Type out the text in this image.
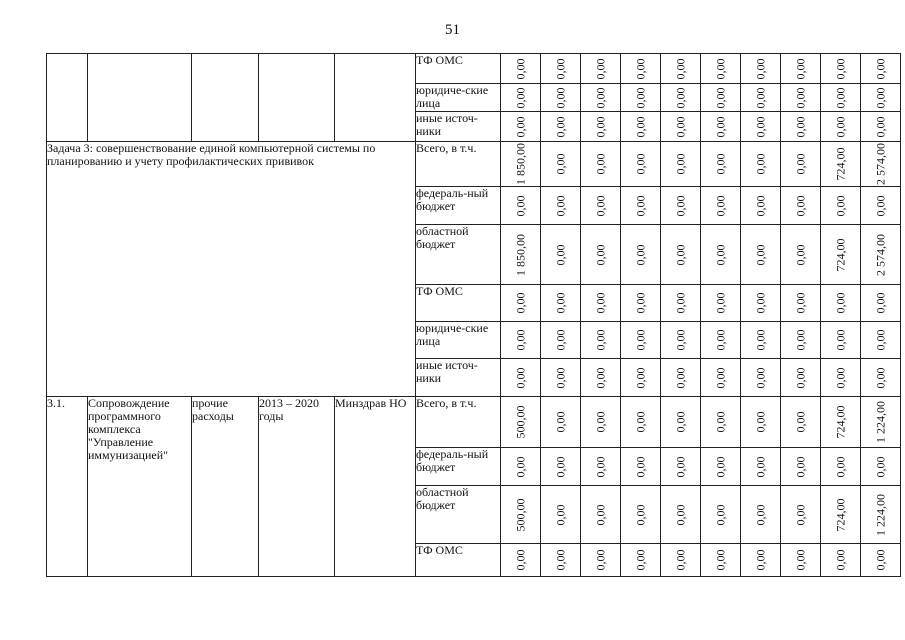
51
					ТФ ОМС	0,00	0,00	0,00	0,00	0,00	0,00	0,00	0,00	0,00	0,00

					юридиче-ские лица	0,00	0,00	0,00	0,00	0,00	0,00	0,00	0,00	0,00	0,00

					иные источ-ники	0,00	0,00	0,00	0,00	0,00	0,00	0,00	0,00	0,00	0,00

Задача 3: совершенствование единой компьютерной системы по планированию и учету профилактических прививок					Всего, в т.ч.	1 850,00	0,00	0,00	0,00	0,00	0,00	0,00	0,00	724,00	2 574,00

					федераль-ный бюджет	0,00	0,00	0,00	0,00	0,00	0,00	0,00	0,00	0,00	0,00

					областной бюджет	1 850,00	0,00	0,00	0,00	0,00	0,00	0,00	0,00	724,00	2 574,00

					ТФ ОМС	0,00	0,00	0,00	0,00	0,00	0,00	0,00	0,00	0,00	0,00

					юридиче-ские лица	0,00	0,00	0,00	0,00	0,00	0,00	0,00	0,00	0,00	0,00

					иные источ-ники	0,00	0,00	0,00	0,00	0,00	0,00	0,00	0,00	0,00	0,00

3.1.	Сопровождение программного комплекса "Управление иммунизацией"	прочие расходы	2013 – 2020 годы	Минздрав НО	Всего, в т.ч.	500,00	0,00	0,00	0,00	0,00	0,00	0,00	0,00	724,00	1 224,00

					федераль-ный бюджет	0,00	0,00	0,00	0,00	0,00	0,00	0,00	0,00	0,00	0,00

					областной бюджет	500,00	0,00	0,00	0,00	0,00	0,00	0,00	0,00	724,00	1 224,00

					ТФ ОМС	0,00	0,00	0,00	0,00	0,00	0,00	0,00	0,00	0,00	0,00
